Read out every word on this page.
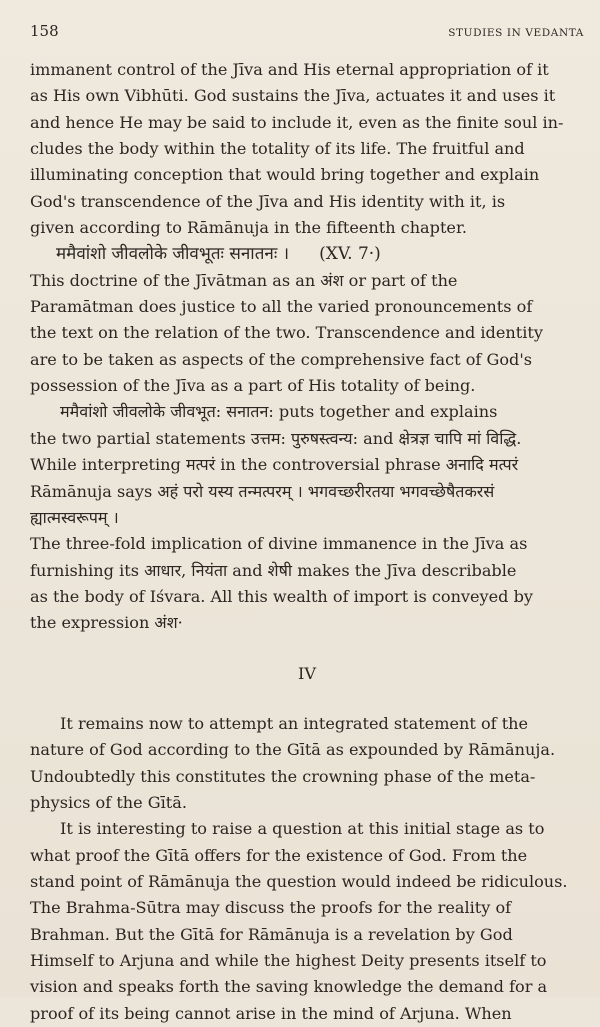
158	STUDIES IN VEDANTA
immanent control of the Jīva and His eternal appropriation of it
as His own Vibhūti. God sustains the Jīva, actuates it and uses it
and hence He may be said to include it, even as the finite soul in-
cludes the body within the totality of its life. The fruitful and
illuminating conception that would bring together and explain
God's transcendence of the Jīva and His identity with it, is
given according to Rāmānuja in the fifteenth chapter.
ममैवांशो जीवलोके जीवभूतः सनातनः । (XV. 7·)
This doctrine of the Jīvātman as an अंश or part of the
Paramātman does justice to all the varied pronouncements of
the text on the relation of the two. Transcendence and identity
are to be taken as aspects of the comprehensive fact of God's
possession of the Jīva as a part of His totality of being.
ममैवांशो जीवलोके जीवभूत: सनातन: puts together and explains
the two partial statements उत्तम: पुरुषस्त्वन्य: and क्षेत्रज्ञ चापि मां विद्धि.
While interpreting मत्परं in the controversial phrase अनादि मत्परं
Rāmānuja says अहं परो यस्य तन्मत्परम् । भगवच्छरीरतया भगवच्छेषैतकरसं
ह्यात्मस्वरूपम् ।
The three-fold implication of divine immanence in the Jīva as
furnishing its आधार, नियंता and शेषी makes the Jīva describable
as the body of Iśvara. All this wealth of import is conveyed by
the expression अंश·
IV
It remains now to attempt an integrated statement of the
nature of God according to the Gītā as expounded by Rāmānuja.
Undoubtedly this constitutes the crowning phase of the meta-
physics of the Gītā.
It is interesting to raise a question at this initial stage as to
what proof the Gītā offers for the existence of God. From the
stand point of Rāmānuja the question would indeed be ridiculous.
The Brahma-Sūtra may discuss the proofs for the reality of
Brahman. But the Gītā for Rāmānuja is a revelation by God
Himself to Arjuna and while the highest Deity presents itself to
vision and speaks forth the saving knowledge the demand for a
proof of its being cannot arise in the mind of Arjuna. When
